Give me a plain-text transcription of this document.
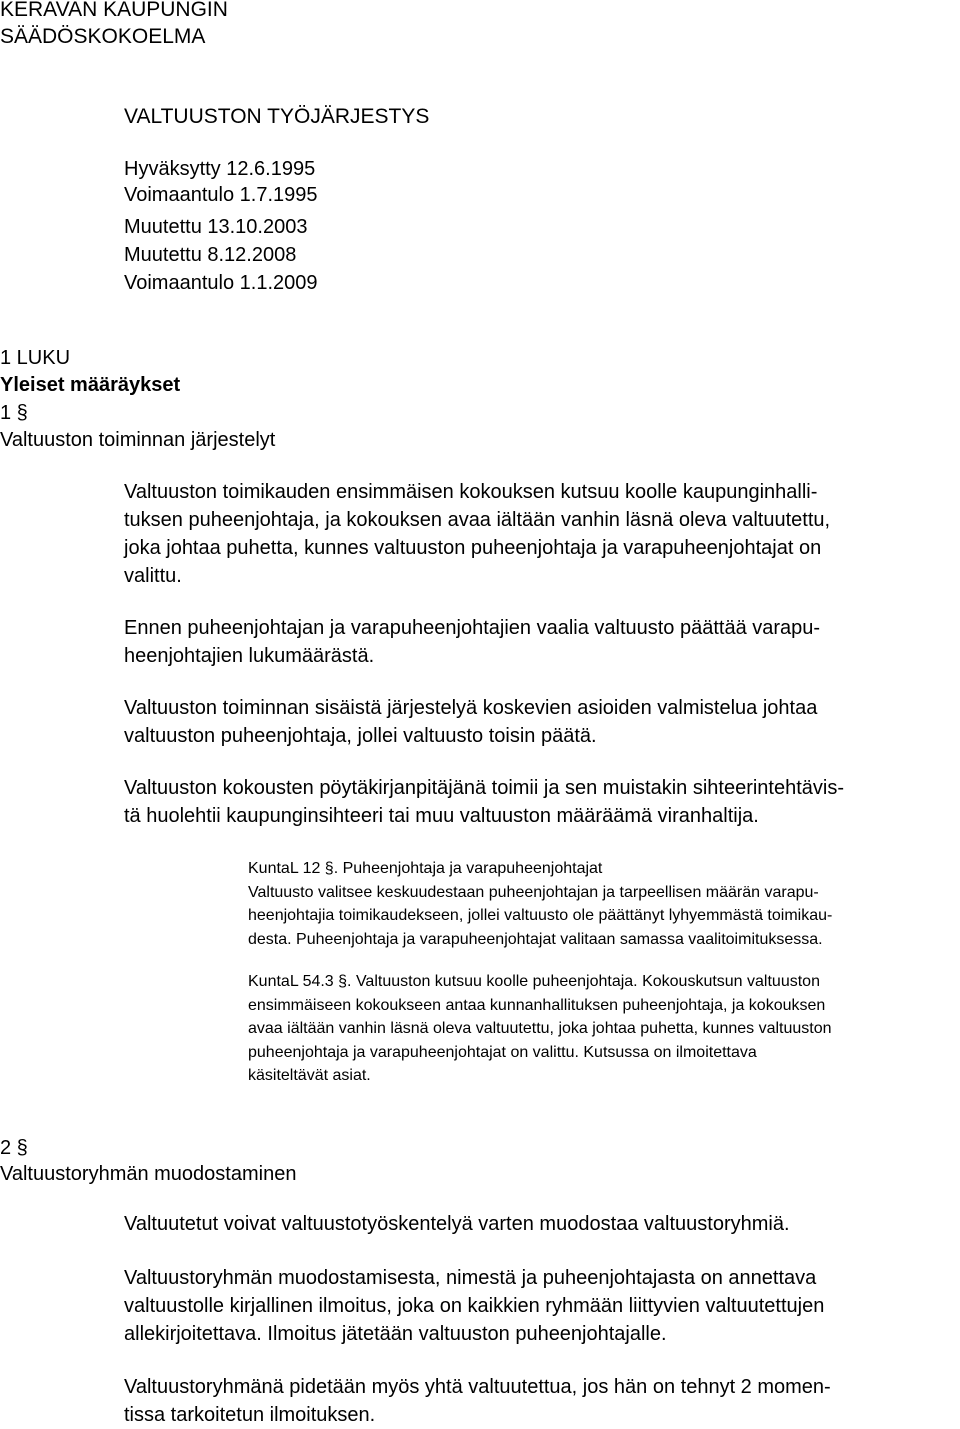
KERAVAN KAUPUNGIN

SÄÄDÖSKOKOELMA

VALTUUSTON TYÖJÄRJESTYS

Hyväksytty 12.6.1995

Voimaantulo 1.7.1995

Muutettu 13.10.2003

Muutettu 8.12.2008

Voimaantulo 1.1.2009

1 LUKU

Yleiset määräykset

1 §

Valtuuston toiminnan järjestelyt

Valtuuston toimikauden ensimmäisen kokouksen kutsuu koolle kaupunginhalli-
tuksen puheenjohtaja, ja kokouksen avaa iältään vanhin läsnä oleva valtuutettu,
joka johtaa puhetta, kunnes valtuuston puheenjohtaja ja varapuheenjohtajat on
valittu.

Ennen puheenjohtajan ja varapuheenjohtajien vaalia valtuusto päättää varapu-
heenjohtajien lukumäärästä.

Valtuuston toiminnan sisäistä järjestelyä koskevien asioiden valmistelua johtaa
valtuuston puheenjohtaja, jollei valtuusto toisin päätä.

Valtuuston kokousten pöytäkirjanpitäjänä toimii ja sen muistakin sihteerintehtävis-
tä huolehtii kaupunginsihteeri tai muu valtuuston määräämä viranhaltija.

KuntaL 12 §. Puheenjohtaja ja varapuheenjohtajat
Valtuusto valitsee keskuudestaan puheenjohtajan ja tarpeellisen määrän varapu-
heenjohtajia toimikaudekseen, jollei valtuusto ole päättänyt lyhyemmästä toimikau-
desta. Puheenjohtaja ja varapuheenjohtajat valitaan samassa vaalitoimituksessa.

KuntaL 54.3 §. Valtuuston kutsuu koolle puheenjohtaja. Kokouskutsun valtuuston
ensimmäiseen kokoukseen antaa kunnanhallituksen puheenjohtaja, ja kokouksen
avaa iältään vanhin läsnä oleva valtuutettu, joka johtaa puhetta, kunnes valtuuston
puheenjohtaja ja varapuheenjohtajat on valittu. Kutsussa on ilmoitettava
käsiteltävät asiat.

2 §

Valtuustoryhmän muodostaminen

Valtuutetut voivat valtuustotyöskentelyä varten muodostaa valtuustoryhmiä.

Valtuustoryhmän muodostamisesta, nimestä ja puheenjohtajasta on annettava
valtuustolle kirjallinen ilmoitus, joka on kaikkien ryhmään liittyvien valtuutettujen
allekirjoitettava. Ilmoitus jätetään valtuuston puheenjohtajalle.

Valtuustoryhmänä pidetään myös yhtä valtuutettua, jos hän on tehnyt 2 momen-
tissa tarkoitetun ilmoituksen.
